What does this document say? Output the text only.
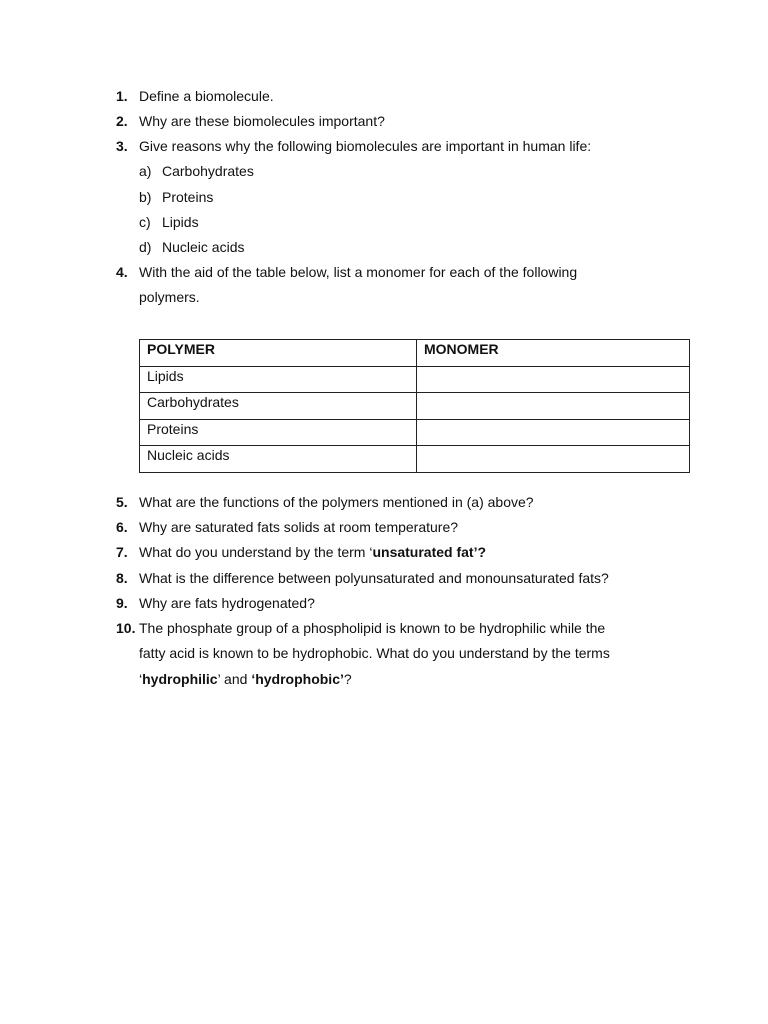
1. Define a biomolecule.
2. Why are these biomolecules important?
3. Give reasons why the following biomolecules are important in human life:
a) Carbohydrates
b) Proteins
c) Lipids
d) Nucleic acids
4. With the aid of the table below, list a monomer for each of the following
polymers.
POLYMER	MONOMER
Lipids	
Carbohydrates	
Proteins	
Nucleic acids	
5. What are the functions of the polymers mentioned in (a) above?
6. Why are saturated fats solids at room temperature?
7. What do you understand by the term ‘unsaturated fat’?
8. What is the difference between polyunsaturated and monounsaturated fats?
9. Why are fats hydrogenated?
10. The phosphate group of a phospholipid is known to be hydrophilic while the
fatty acid is known to be hydrophobic. What do you understand by the terms
‘hydrophilic’ and ‘hydrophobic’?
